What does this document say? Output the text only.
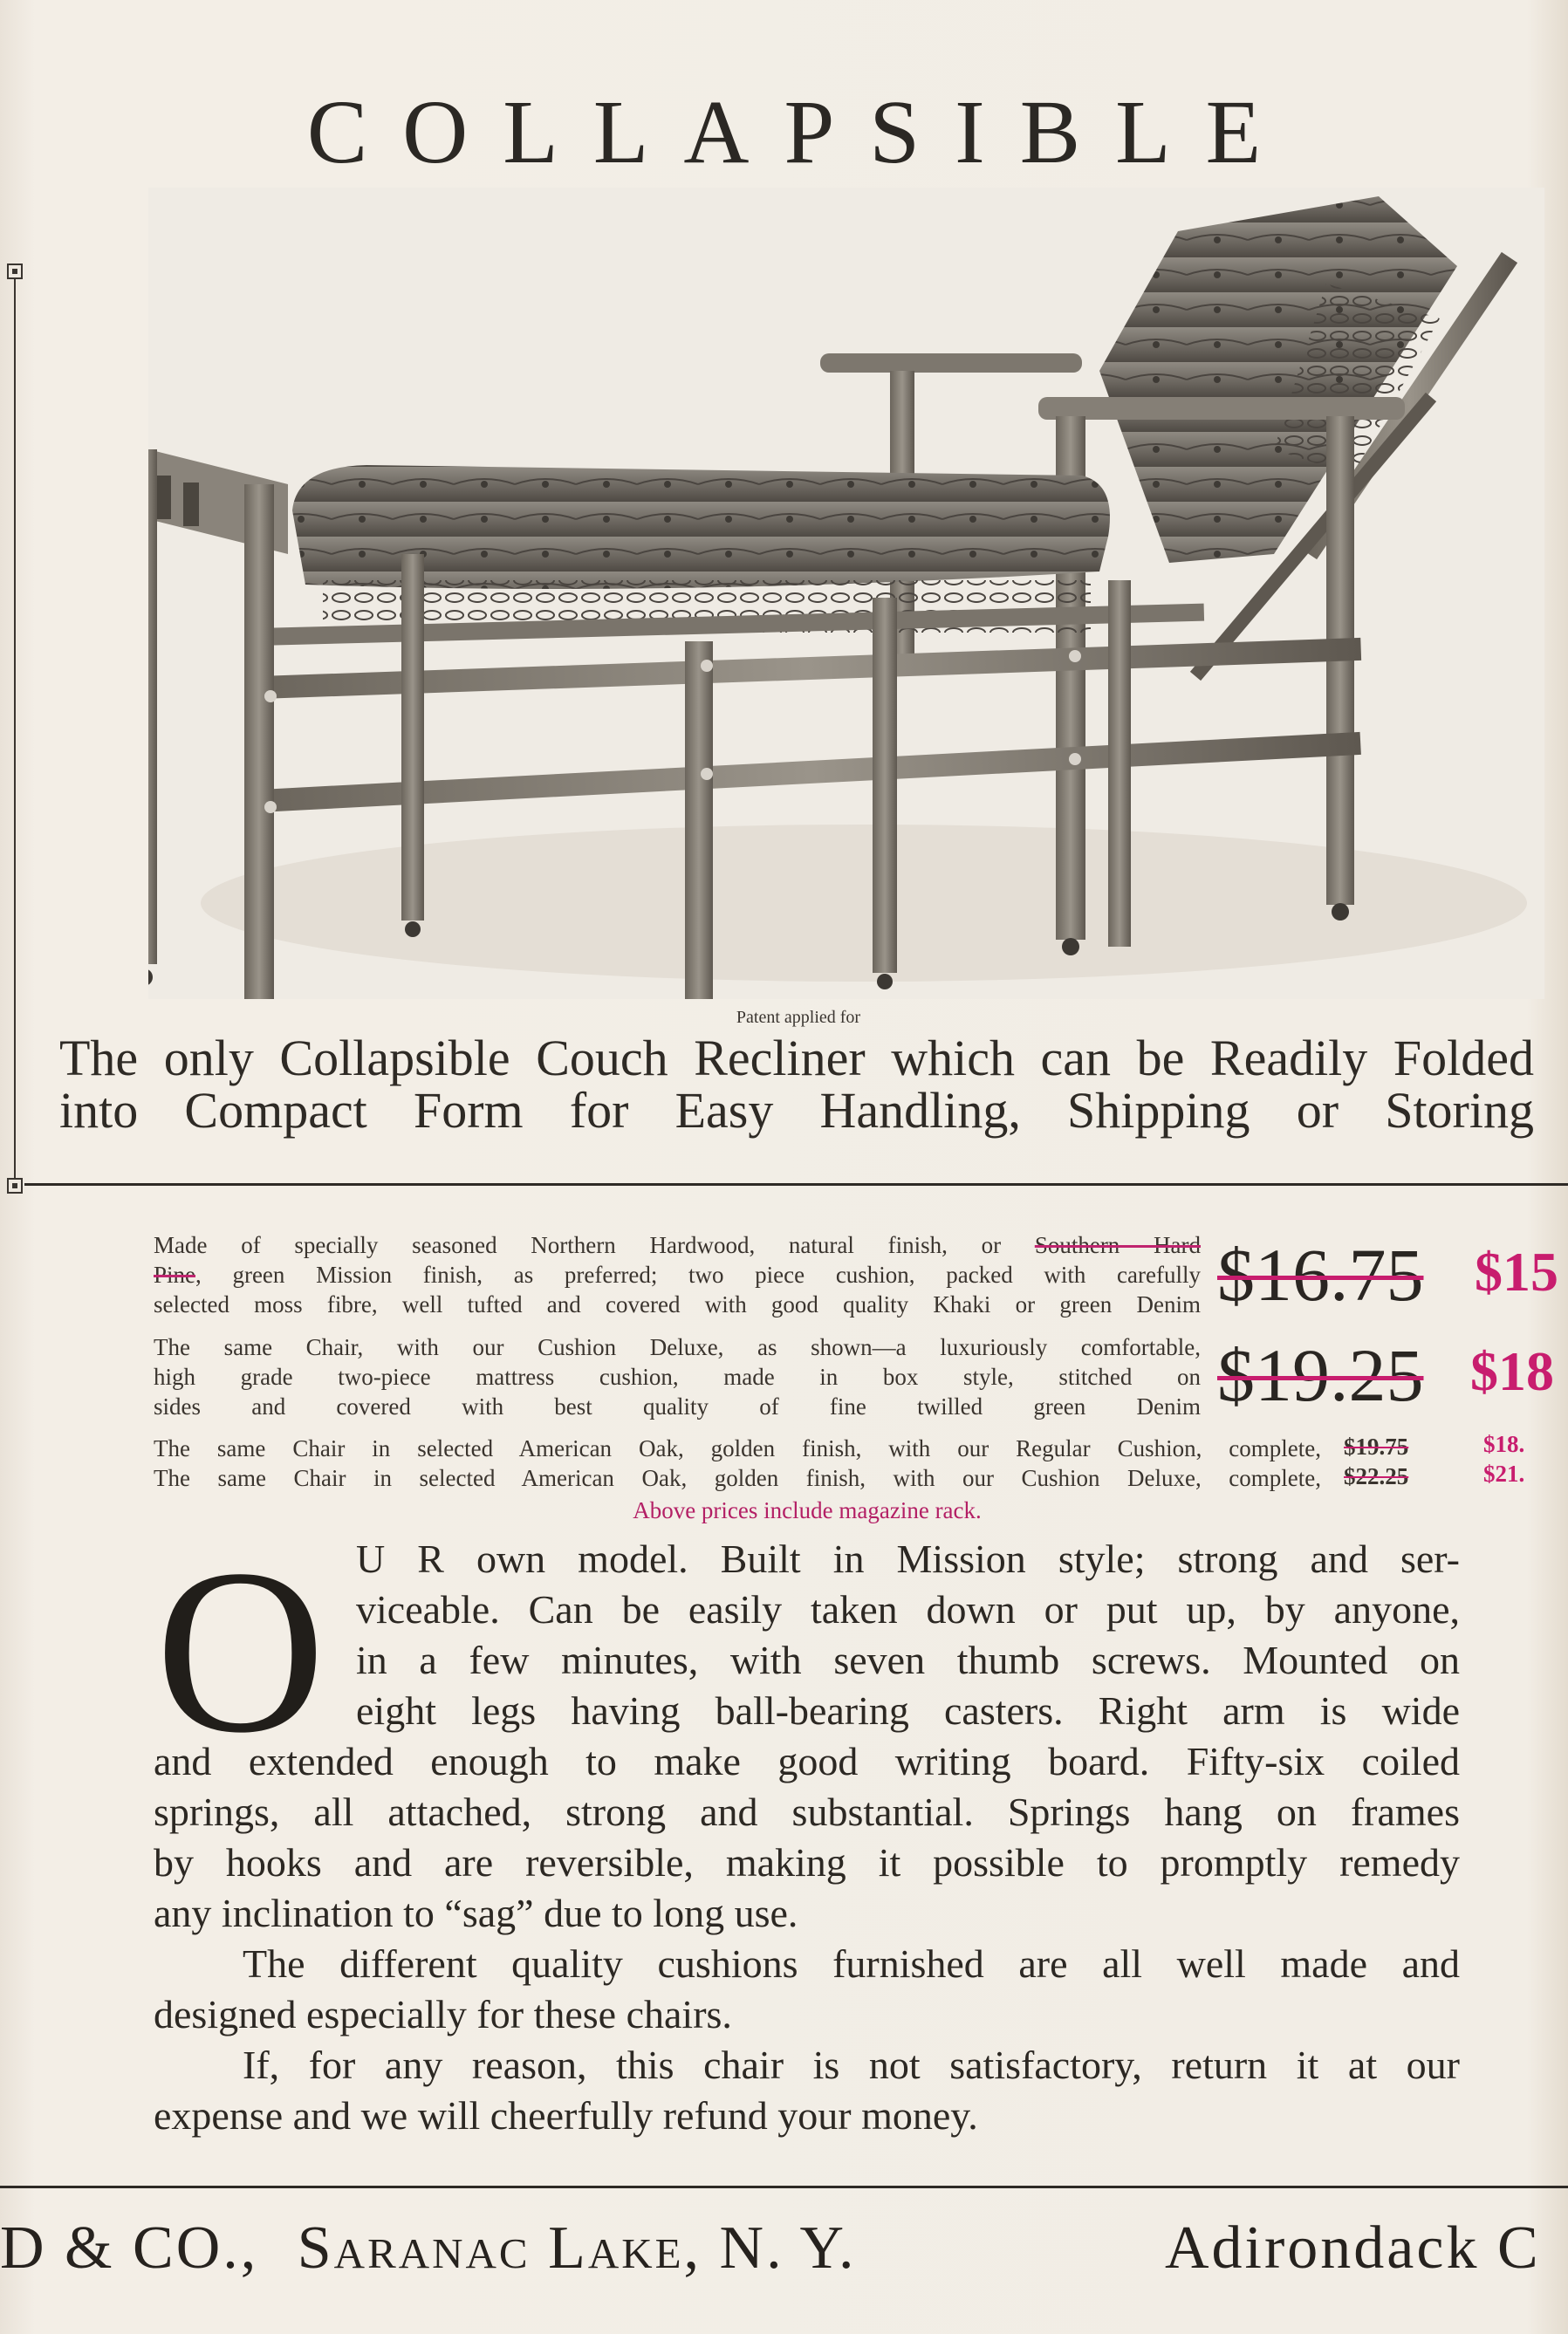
COLLAPSIBLE
Patent applied for
The only Collapsible Couch Recliner which can be Readily Folded
into Compact Form for Easy Handling, Shipping or Storing
Made of specially seasoned Northern Hardwood, natural finish, or Southern Hard
Pine, green Mission finish, as preferred; two piece cushion, packed with carefully
selected moss fibre, well tufted and covered with good quality Khaki or green Denim $16.75 $15
The same Chair, with our Cushion Deluxe, as shown—a luxuriously comfortable,
high grade two-piece mattress cushion, made in box style, stitched on
sides and covered with best quality of fine twilled green Denim $19.25 $18
The same Chair in selected American Oak, golden finish, with our Regular Cushion, complete, $19.75	$18.
The same Chair in selected American Oak, golden finish, with our Cushion Deluxe, complete, $22.25	$21.
Above prices include magazine rack.
O U R own model. Built in Mission style; strong and ser-
viceable. Can be easily taken down or put up, by anyone,
in a few minutes, with seven thumb screws. Mounted on
eight legs having ball-bearing casters. Right arm is wide
and extended enough to make good writing board. Fifty-six coiled
springs, all attached, strong and substantial. Springs hang on frames
by hooks and are reversible, making it possible to promptly remedy
any inclination to “sag” due to long use.
The different quality cushions furnished are all well made and
designed especially for these chairs.
If, for any reason, this chair is not satisfactory, return it at our
expense and we will cheerfully refund your money.
D & CO., Saranac Lake, N. Y.	Adirondack C
